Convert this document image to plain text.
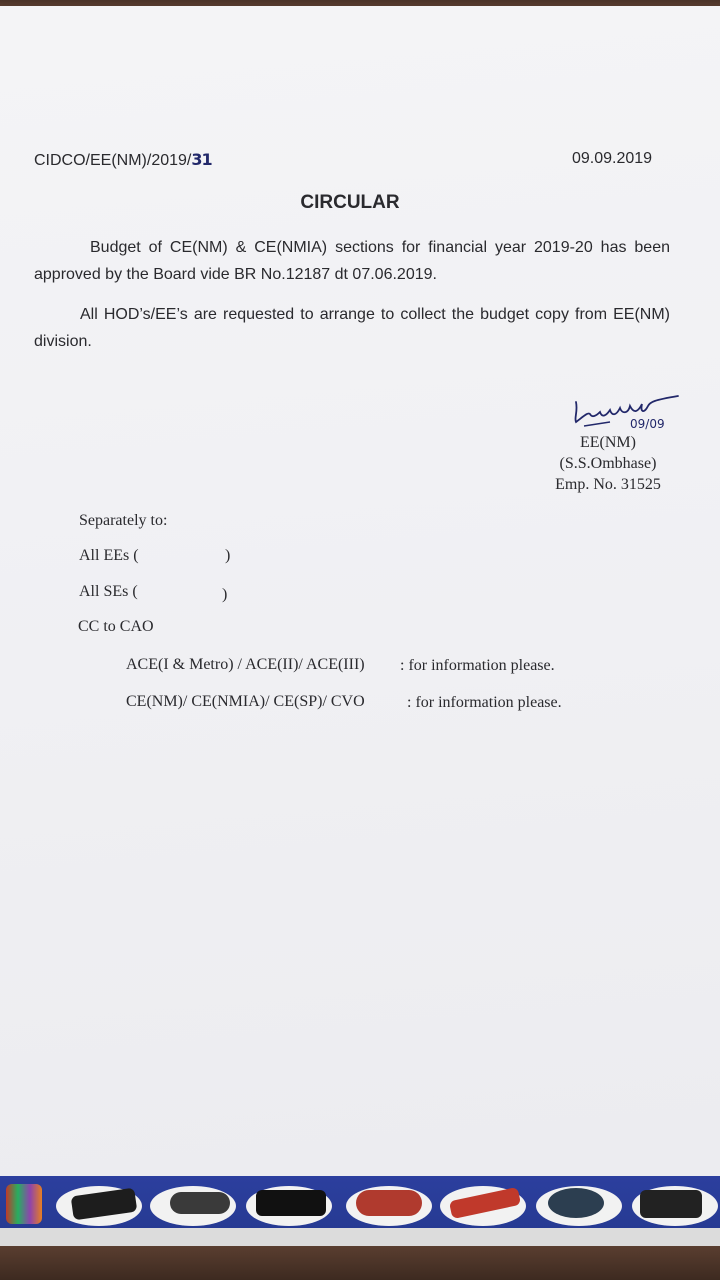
CIDCO/EE(NM)/2019/31	09.09.2019
CIRCULAR

Budget of CE(NM) & CE(NMIA) sections for financial year 2019-20 has been approved by the Board vide BR No.12187 dt 07.06.2019.

All HOD’s/EE’s are requested to arrange to collect the budget copy from EE(NM) division.

09/09
EE(NM)
(S.S.Ombhase)
Emp. No. 31525
Separately to:
All EEs (	)
All SEs (	)
CC to CAO
ACE(I & Metro) / ACE(II)/ ACE(III) : for information please.
CE(NM)/ CE(NMIA)/ CE(SP)/ CVO	: for information please.
